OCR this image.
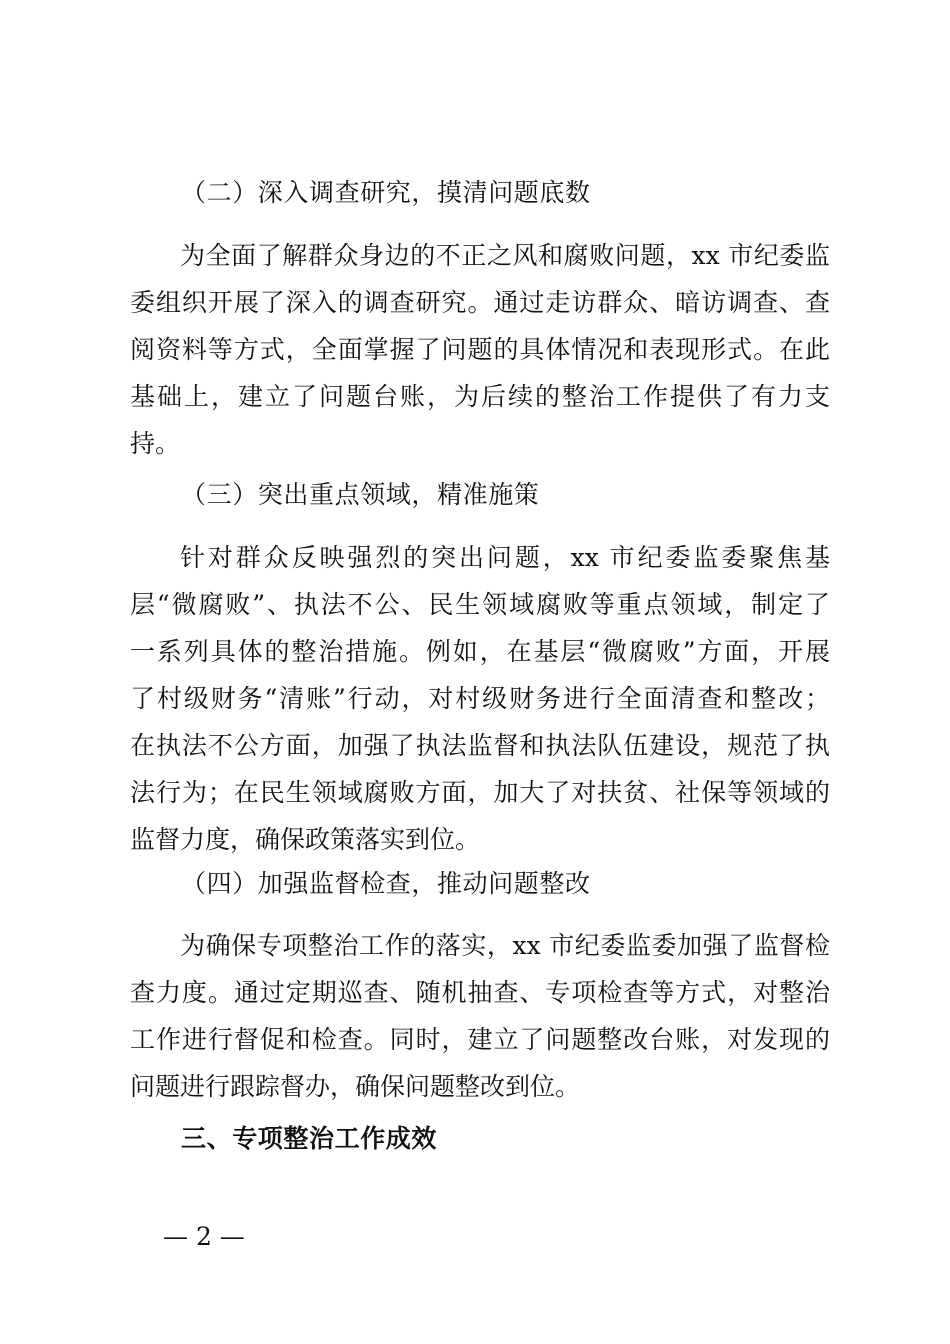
（二）深入调查研究，摸清问题底数
为全面了解群众身边的不正之风和腐败问题，xx 市纪委监
委组织开展了深入的调查研究。通过走访群众、暗访调查、查
阅资料等方式，全面掌握了问题的具体情况和表现形式。在此
基础上，建立了问题台账，为后续的整治工作提供了有力支
持。
（三）突出重点领域，精准施策
针对群众反映强烈的突出问题，xx 市纪委监委聚焦基
层“微腐败”、执法不公、民生领域腐败等重点领域，制定了
一系列具体的整治措施。例如，在基层“微腐败”方面，开展
了村级财务“清账”行动，对村级财务进行全面清查和整改；
在执法不公方面，加强了执法监督和执法队伍建设，规范了执
法行为；在民生领域腐败方面，加大了对扶贫、社保等领域的
监督力度，确保政策落实到位。
（四）加强监督检查，推动问题整改
为确保专项整治工作的落实，xx 市纪委监委加强了监督检
查力度。通过定期巡查、随机抽查、专项检查等方式，对整治
工作进行督促和检查。同时，建立了问题整改台账，对发现的
问题进行跟踪督办，确保问题整改到位。
三、专项整治工作成效
— 2 —
